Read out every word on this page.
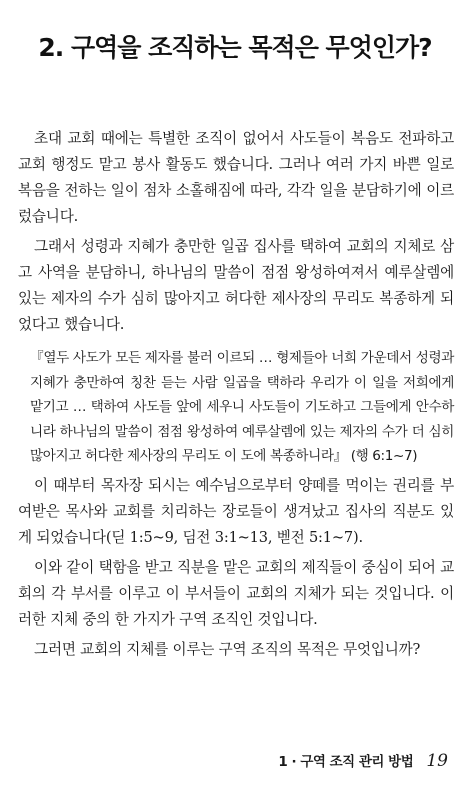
2. 구역을 조직하는 목적은 무엇인가?

초대 교회 때에는 특별한 조직이 없어서 사도들이 복음도 전파하고 교회 행정도 맡고 봉사 활동도 했습니다. 그러나 여러 가지 바쁜 일로 복음을 전하는 일이 점차 소홀해짐에 따라, 각각 일을 분담하기에 이르렀습니다.

그래서 성령과 지혜가 충만한 일곱 집사를 택하여 교회의 지체로 삼고 사역을 분담하니, 하나님의 말씀이 점점 왕성하여져서 예루살렘에 있는 제자의 수가 심히 많아지고 허다한 제사장의 무리도 복종하게 되었다고 했습니다.

『열두 사도가 모든 제자를 불러 이르되 … 형제들아 너희 가운데서 성령과 지혜가 충만하여 칭찬 듣는 사람 일곱을 택하라 우리가 이 일을 저희에게 맡기고 … 택하여 사도들 앞에 세우니 사도들이 기도하고 그들에게 안수하니라 하나님의 말씀이 점점 왕성하여 예루살렘에 있는 제자의 수가 더 심히 많아지고 허다한 제사장의 무리도 이 도에 복종하니라』 (행 6:1~7)

이 때부터 목자장 되시는 예수님으로부터 양떼를 먹이는 권리를 부여받은 목사와 교회를 치리하는 장로들이 생겨났고 집사의 직분도 있게 되었습니다(딛 1:5~9, 딤전 3:1~13, 벧전 5:1~7).

이와 같이 택함을 받고 직분을 맡은 교회의 제직들이 중심이 되어 교회의 각 부서를 이루고 이 부서들이 교회의 지체가 되는 것입니다. 이러한 지체 중의 한 가지가 구역 조직인 것입니다.

그러면 교회의 지체를 이루는 구역 조직의 목적은 무엇입니까?

1 · 구역 조직 관리 방법 19
